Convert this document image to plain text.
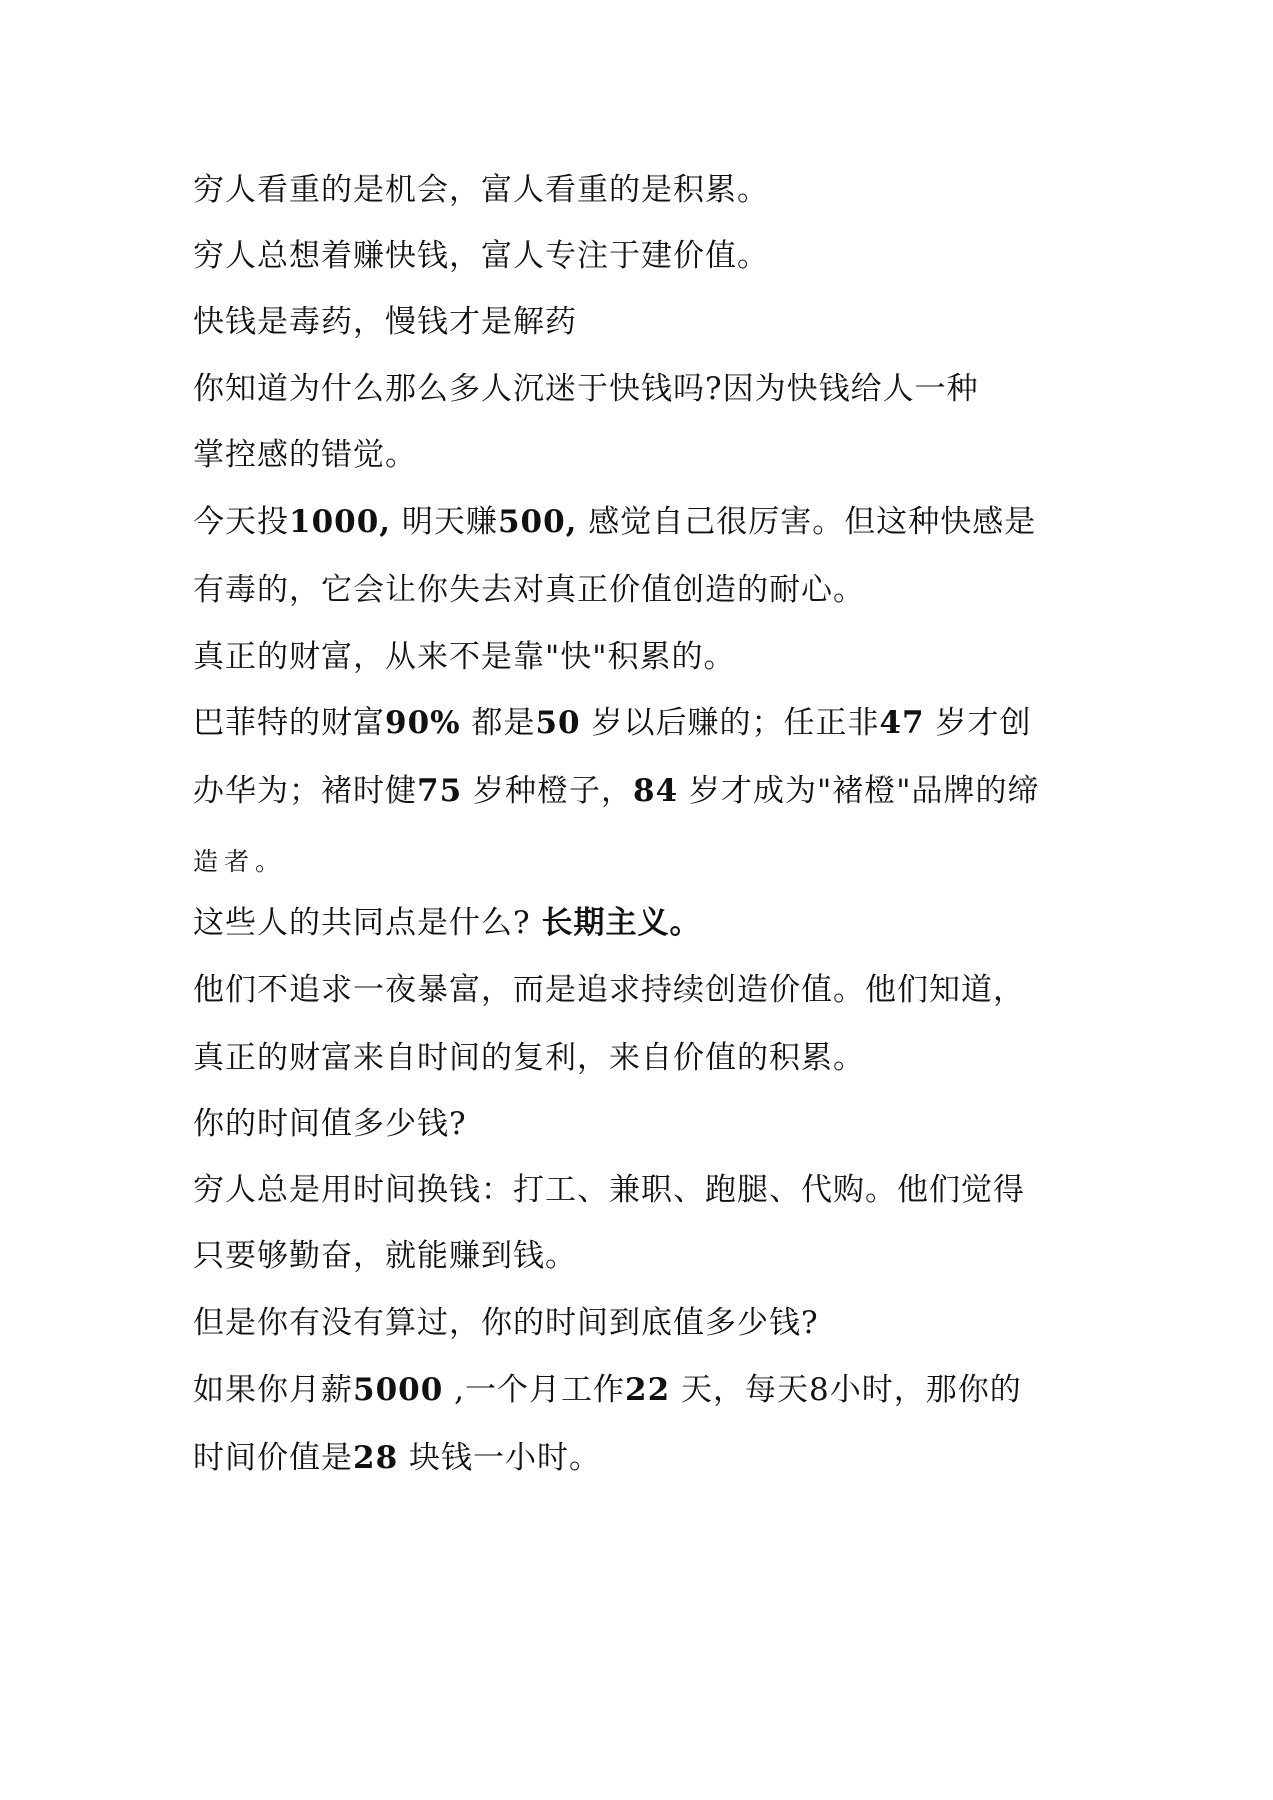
穷人看重的是机会，富人看重的是积累。
穷人总想着赚快钱，富人专注于建价值。
快钱是毒药，慢钱才是解药
你知道为什么那么多人沉迷于快钱吗?因为快钱给人一种
掌控感的错觉。
今天投1000, 明天赚500, 感觉自己很厉害。但这种快感是
有毒的，它会让你失去对真正价值创造的耐心。
真正的财富，从来不是靠"快"积累的。
巴菲特的财富90% 都是50 岁以后赚的；任正非47 岁才创
办华为；褚时健75 岁种橙子，84 岁才成为"褚橙"品牌的缔
造者。
这些人的共同点是什么? 长期主义。
他们不追求一夜暴富，而是追求持续创造价值。他们知道，
真正的财富来自时间的复利，来自价值的积累。
你的时间值多少钱?
穷人总是用时间换钱：打工、兼职、跑腿、代购。他们觉得
只要够勤奋，就能赚到钱。
但是你有没有算过，你的时间到底值多少钱?
如果你月薪5000 ,一个月工作22 天，每天8小时，那你的
时间价值是28 块钱一小时。
